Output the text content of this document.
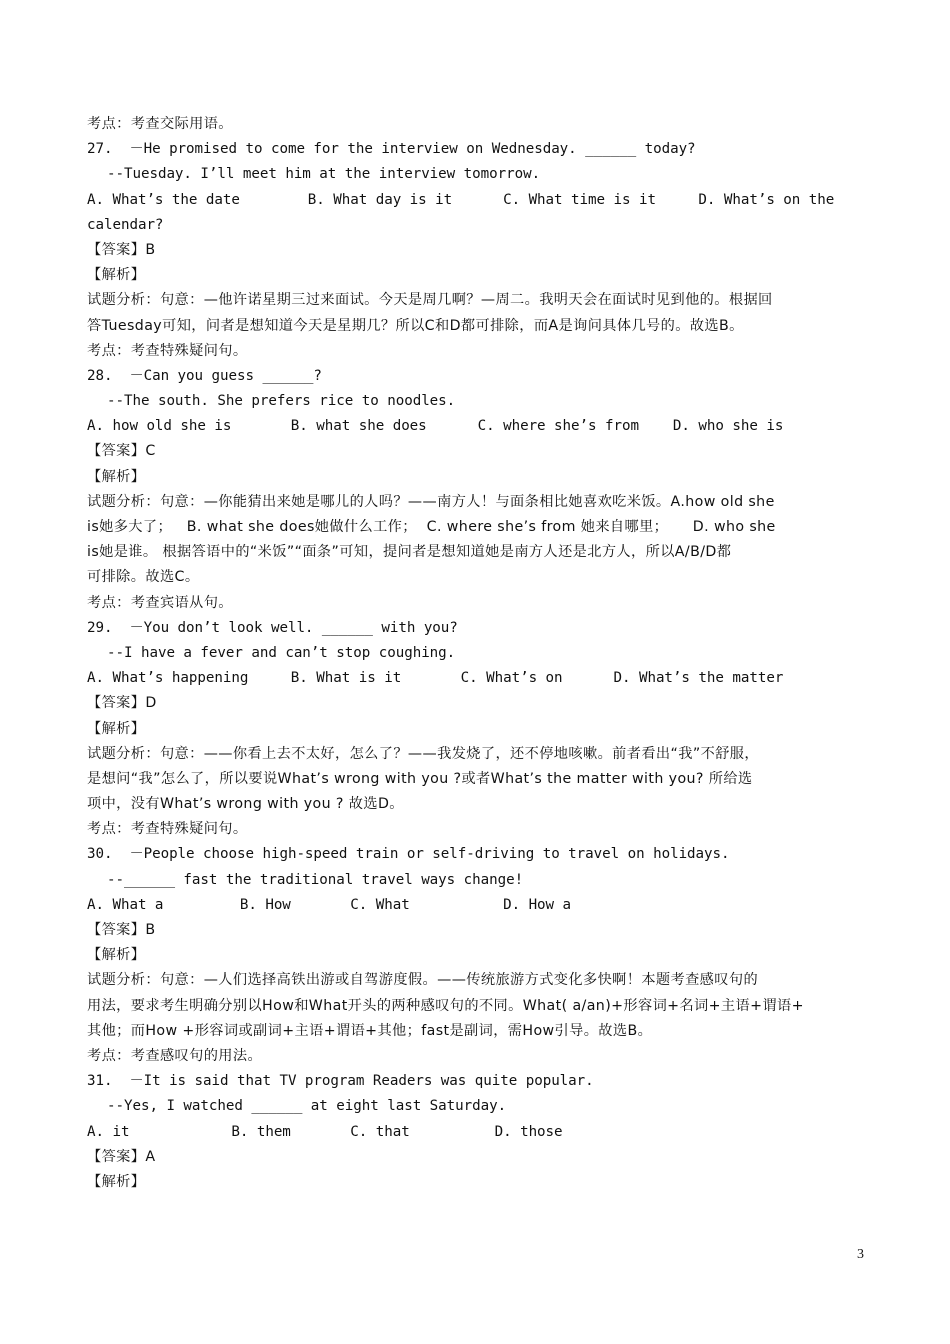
考点：考查交际用语。
27.  －He promised to come for the interview on Wednesday. ______ today?
--Tuesday. I’ll meet him at the interview tomorrow.
A. What’s the date        B. What day is it      C. What time is it     D. What’s on the
calendar?
【答案】B
【解析】
试题分析：句意：—他许诺星期三过来面试。今天是周几啊？—周二。我明天会在面试时见到他的。根据回
答Tuesday可知，问者是想知道今天是星期几？所以C和D都可排除，而A是询问具体几号的。故选B。
考点：考查特殊疑问句。
28.  －Can you guess ______?
--The south. She prefers rice to noodles.
A. how old she is       B. what she does      C. where she’s from    D. who she is
【答案】C
【解析】
试题分析：句意：—你能猜出来她是哪儿的人吗？——南方人！与面条相比她喜欢吃米饭。A.how old she
is她多大了；   B. what she does她做什么工作；  C. where she’s from 她来自哪里；     D. who she
is她是谁。 根据答语中的“米饭”“面条”可知，提问者是想知道她是南方人还是北方人，所以A/B/D都
可排除。故选C。
考点：考查宾语从句。
29.  －You don’t look well. ______ with you?
--I have a fever and can’t stop coughing.
A. What’s happening     B. What is it       C. What’s on      D. What’s the matter
【答案】D
【解析】
试题分析：句意：——你看上去不太好，怎么了？——我发烧了，还不停地咳嗽。前者看出“我”不舒服，
是想问“我”怎么了，所以要说What’s wrong with you ?或者What’s the matter with you? 所给选
项中，没有What’s wrong with you ? 故选D。
考点：考查特殊疑问句。
30.  －People choose high-speed train or self-driving to travel on holidays.
--______ fast the traditional travel ways change!
A. What a         B. How       C. What           D. How a
【答案】B
【解析】
试题分析：句意：—人们选择高铁出游或自驾游度假。——传统旅游方式变化多快啊！本题考查感叹句的
用法，要求考生明确分别以How和What开头的两种感叹句的不同。What( a/an)+形容词+名词+主语+谓语+
其他；而How +形容词或副词+主语+谓语+其他；fast是副词，需How引导。故选B。
考点：考查感叹句的用法。
31.  －It is said that TV program Readers was quite popular.
--Yes, I watched ______ at eight last Saturday.
A. it            B. them       C. that          D. those
【答案】A
【解析】
3
